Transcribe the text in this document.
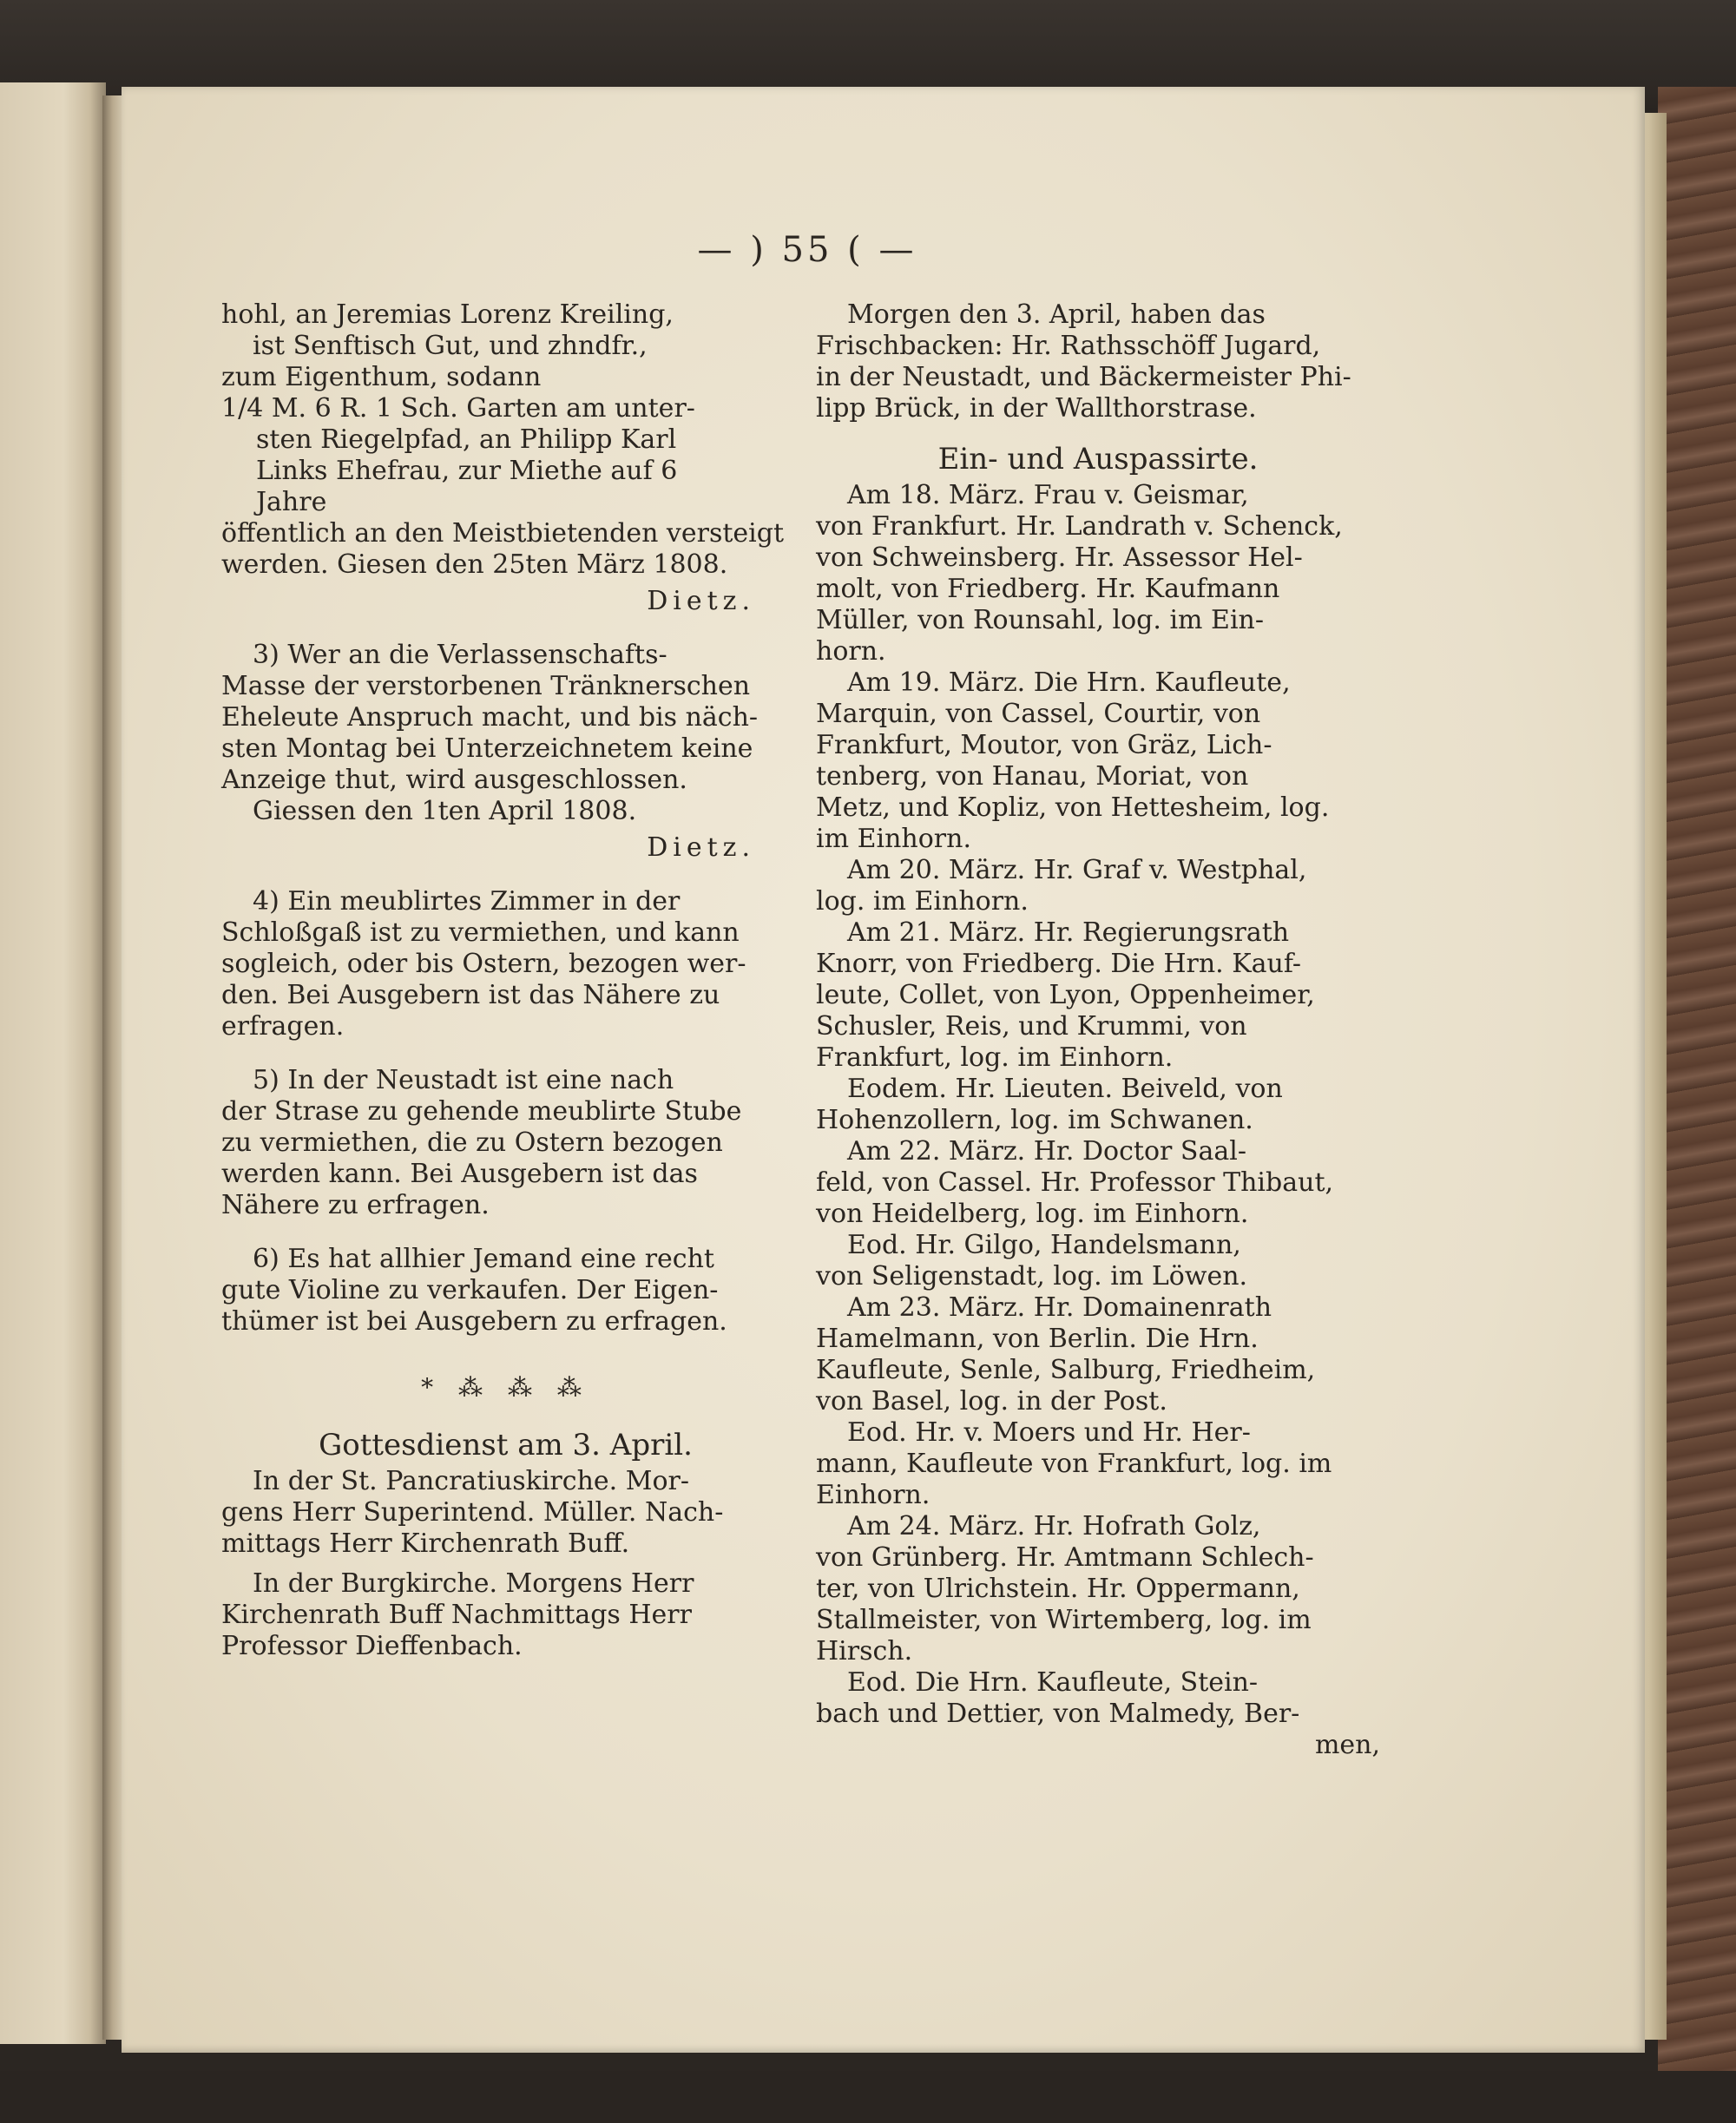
— ) 55 ( —

hohl, an Jeremias Lorenz Kreiling,

ist Senftisch Gut, und zhndfr.,

zum Eigenthum, sodann

1/4 M. 6 R. 1 Sch. Garten am unter-

sten Riegelpfad, an Philipp Karl

Links Ehefrau, zur Miethe auf 6

Jahre

öffentlich an den Meistbietenden versteigt

werden. Giesen den 25ten März 1808.

Dietz.

3) Wer an die Verlassenschafts-

Masse der verstorbenen Tränknerschen

Eheleute Anspruch macht, und bis näch-

sten Montag bei Unterzeichnetem keine

Anzeige thut, wird ausgeschlossen.

Giessen den 1ten April 1808.

Dietz.

4) Ein meublirtes Zimmer in der

Schloßgaß ist zu vermiethen, und kann

sogleich, oder bis Ostern, bezogen wer-

den. Bei Ausgebern ist das Nähere zu

erfragen.

5) In der Neustadt ist eine nach

der Strase zu gehende meublirte Stube

zu vermiethen, die zu Ostern bezogen

werden kann. Bei Ausgebern ist das

Nähere zu erfragen.

6) Es hat allhier Jemand eine recht

gute Violine zu verkaufen. Der Eigen-

thümer ist bei Ausgebern zu erfragen.

* ⁂ ⁂ ⁂
Gottesdienst am 3. April.

In der St. Pancratiuskirche. Mor-

gens Herr Superintend. Müller. Nach-

mittags Herr Kirchenrath Buff.

In der Burgkirche. Morgens Herr

Kirchenrath Buff Nachmittags Herr

Professor Dieffenbach.

Morgen den 3. April, haben das

Frischbacken: Hr. Rathsschöff Jugard,

in der Neustadt, und Bäckermeister Phi-

lipp Brück, in der Wallthorstrase.

Ein- und Auspassirte.

Am 18. März. Frau v. Geismar,

von Frankfurt. Hr. Landrath v. Schenck,

von Schweinsberg. Hr. Assessor Hel-

molt, von Friedberg. Hr. Kaufmann

Müller, von Rounsahl, log. im Ein-

horn.

Am 19. März. Die Hrn. Kaufleute,

Marquin, von Cassel, Courtir, von

Frankfurt, Moutor, von Gräz, Lich-

tenberg, von Hanau, Moriat, von

Metz, und Kopliz, von Hettesheim, log.

im Einhorn.

Am 20. März. Hr. Graf v. Westphal,

log. im Einhorn.

Am 21. März. Hr. Regierungsrath

Knorr, von Friedberg. Die Hrn. Kauf-

leute, Collet, von Lyon, Oppenheimer,

Schusler, Reis, und Krummi, von

Frankfurt, log. im Einhorn.

Eodem. Hr. Lieuten. Beiveld, von

Hohenzollern, log. im Schwanen.

Am 22. März. Hr. Doctor Saal-

feld, von Cassel. Hr. Professor Thibaut,

von Heidelberg, log. im Einhorn.

Eod. Hr. Gilgo, Handelsmann,

von Seligenstadt, log. im Löwen.

Am 23. März. Hr. Domainenrath

Hamelmann, von Berlin. Die Hrn.

Kaufleute, Senle, Salburg, Friedheim,

von Basel, log. in der Post.

Eod. Hr. v. Moers und Hr. Her-

mann, Kaufleute von Frankfurt, log. im

Einhorn.

Am 24. März. Hr. Hofrath Golz,

von Grünberg. Hr. Amtmann Schlech-

ter, von Ulrichstein. Hr. Oppermann,

Stallmeister, von Wirtemberg, log. im

Hirsch.

Eod. Die Hrn. Kaufleute, Stein-

bach und Dettier, von Malmedy, Ber-

men,
